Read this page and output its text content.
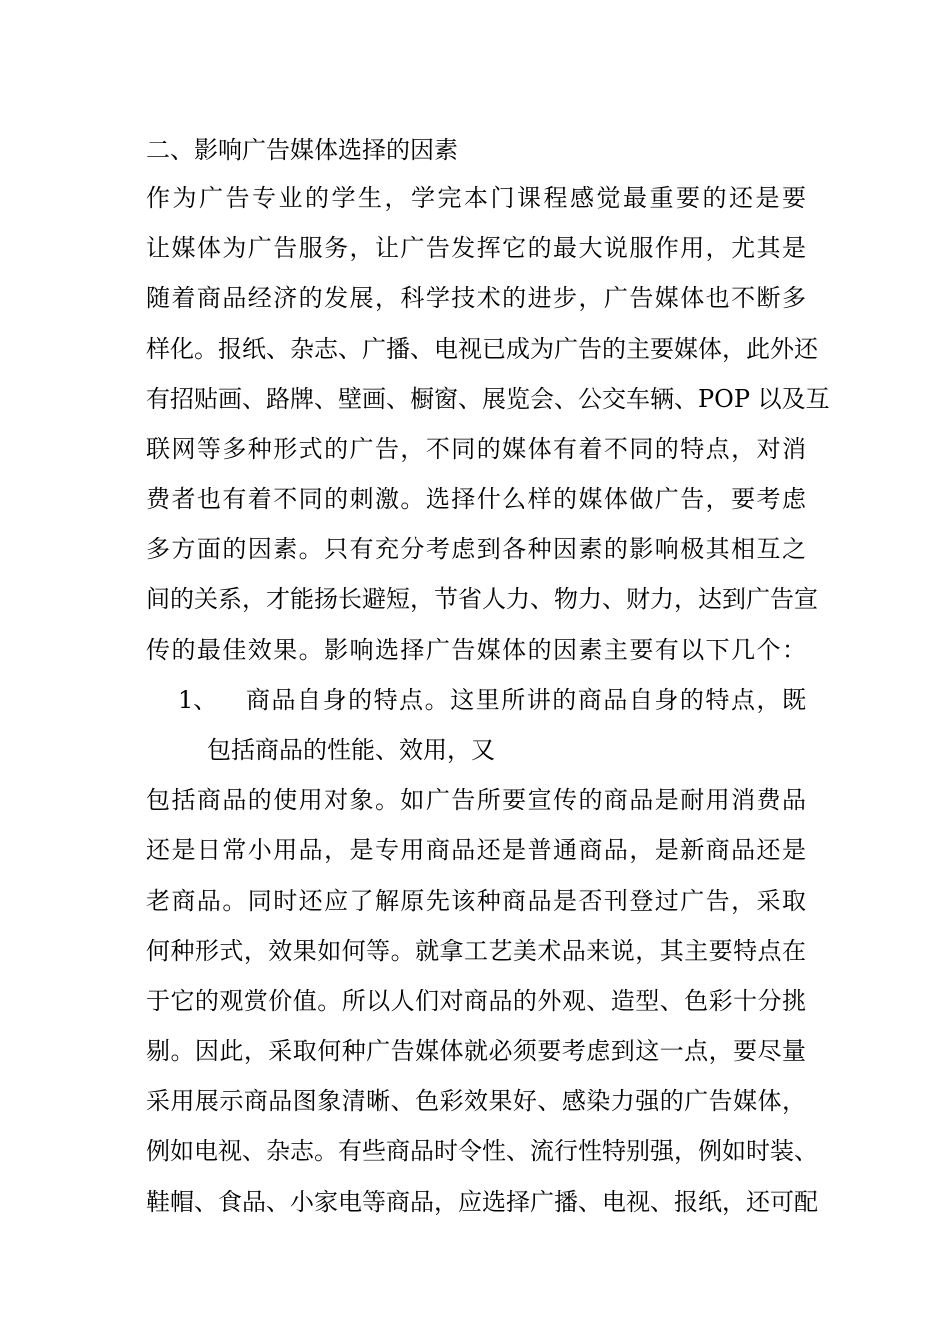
二、影响广告媒体选择的因素
作为广告专业的学生，学完本门课程感觉最重要的还是要
让媒体为广告服务，让广告发挥它的最大说服作用，尤其是
随着商品经济的发展，科学技术的进步，广告媒体也不断多
样化。报纸、杂志、广播、电视已成为广告的主要媒体，此外还
有招贴画、路牌、壁画、橱窗、展览会、公交车辆、POP 以及互
联网等多种形式的广告，不同的媒体有着不同的特点，对消
费者也有着不同的刺激。选择什么样的媒体做广告，要考虑
多方面的因素。只有充分考虑到各种因素的影响极其相互之
间的关系，才能扬长避短，节省人力、物力、财力，达到广告宣
传的最佳效果。影响选择广告媒体的因素主要有以下几个：
1、 商品自身的特点。这里所讲的商品自身的特点，既
包括商品的性能、效用，又
包括商品的使用对象。如广告所要宣传的商品是耐用消费品
还是日常小用品，是专用商品还是普通商品，是新商品还是
老商品。同时还应了解原先该种商品是否刊登过广告，采取
何种形式，效果如何等。就拿工艺美术品来说，其主要特点在
于它的观赏价值。所以人们对商品的外观、造型、色彩十分挑
剔。因此，采取何种广告媒体就必须要考虑到这一点，要尽量
采用展示商品图象清晰、色彩效果好、感染力强的广告媒体，
例如电视、杂志。有些商品时令性、流行性特别强，例如时装、
鞋帽、食品、小家电等商品，应选择广播、电视、报纸，还可配
